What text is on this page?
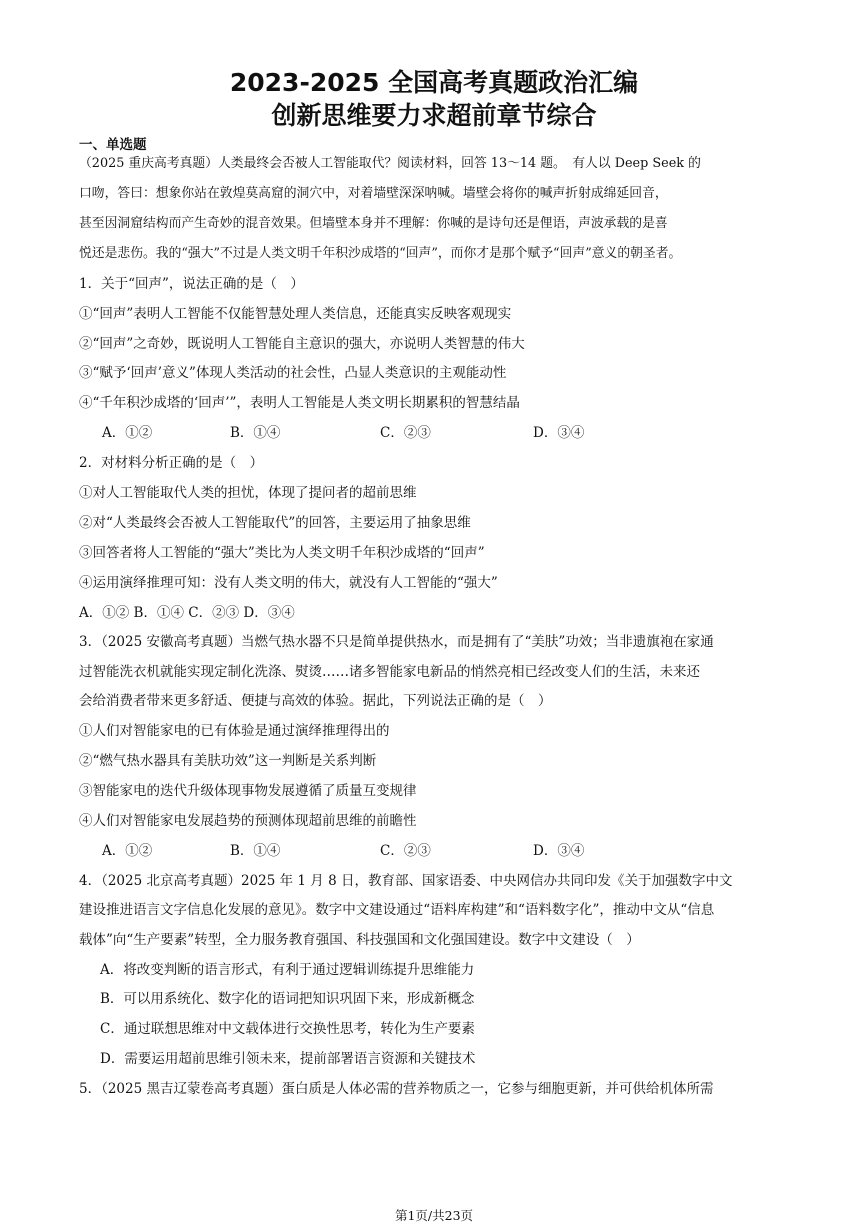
2023-2025 全国高考真题政治汇编
创新思维要力求超前章节综合
一、单选题
（2025 重庆高考真题）人类最终会否被人工智能取代？阅读材料，回答 13～14 题。　有人以 Deep Seek 的
口吻，答曰：想象你站在敦煌莫高窟的洞穴中，对着墙壁深深呐喊。墙壁会将你的喊声折射成绵延回音，
甚至因洞窟结构而产生奇妙的混音效果。但墙壁本身并不理解：你喊的是诗句还是俚语，声波承载的是喜
悦还是悲伤。我的“强大”不过是人类文明千年积沙成塔的“回声”，而你才是那个赋予“回声”意义的朝圣者。
1．关于“回声”，说法正确的是（　）
①“回声”表明人工智能不仅能智慧处理人类信息，还能真实反映客观现实
②“回声”之奇妙，既说明人工智能自主意识的强大，亦说明人类智慧的伟大
③“赋予‘回声’意义”体现人类活动的社会性，凸显人类意识的主观能动性
④“千年积沙成塔的‘回声’”，表明人工智能是人类文明长期累积的智慧结晶
A．①②	B．①④	C．②③	D．③④
2．对材料分析正确的是（　）
①对人工智能取代人类的担忧，体现了提问者的超前思维
②对“人类最终会否被人工智能取代”的回答，主要运用了抽象思维
③回答者将人工智能的“强大”类比为人类文明千年积沙成塔的“回声”
④运用演绎推理可知：没有人类文明的伟大，就没有人工智能的“强大”
A．①② B．①④ C．②③ D．③④
3．（2025 安徽高考真题）当燃气热水器不只是简单提供热水，而是拥有了“美肤”功效；当非遗旗袍在家通
过智能洗衣机就能实现定制化洗涤、熨烫……诸多智能家电新品的悄然亮相已经改变人们的生活，未来还
会给消费者带来更多舒适、便捷与高效的体验。据此，下列说法正确的是（　）
①人们对智能家电的已有体验是通过演绎推理得出的
②“燃气热水器具有美肤功效”这一判断是关系判断
③智能家电的迭代升级体现事物发展遵循了质量互变规律
④人们对智能家电发展趋势的预测体现超前思维的前瞻性
A．①②	B．①④	C．②③	D．③④
4．（2025 北京高考真题）2025 年 1 月 8 日，教育部、国家语委、中央网信办共同印发《关于加强数字中文
建设推进语言文字信息化发展的意见》。数字中文建设通过“语料库构建”和“语料数字化”，推动中文从“信息
载体”向“生产要素”转型，全力服务教育强国、科技强国和文化强国建设。数字中文建设（　）
A．将改变判断的语言形式，有利于通过逻辑训练提升思维能力
B．可以用系统化、数字化的语词把知识巩固下来，形成新概念
C．通过联想思维对中文载体进行交换性思考，转化为生产要素
D．需要运用超前思维引领未来，提前部署语言资源和关键技术
5．（2025 黑吉辽蒙卷高考真题）蛋白质是人体必需的营养物质之一，它参与细胞更新，并可供给机体所需
第1页/共23页
